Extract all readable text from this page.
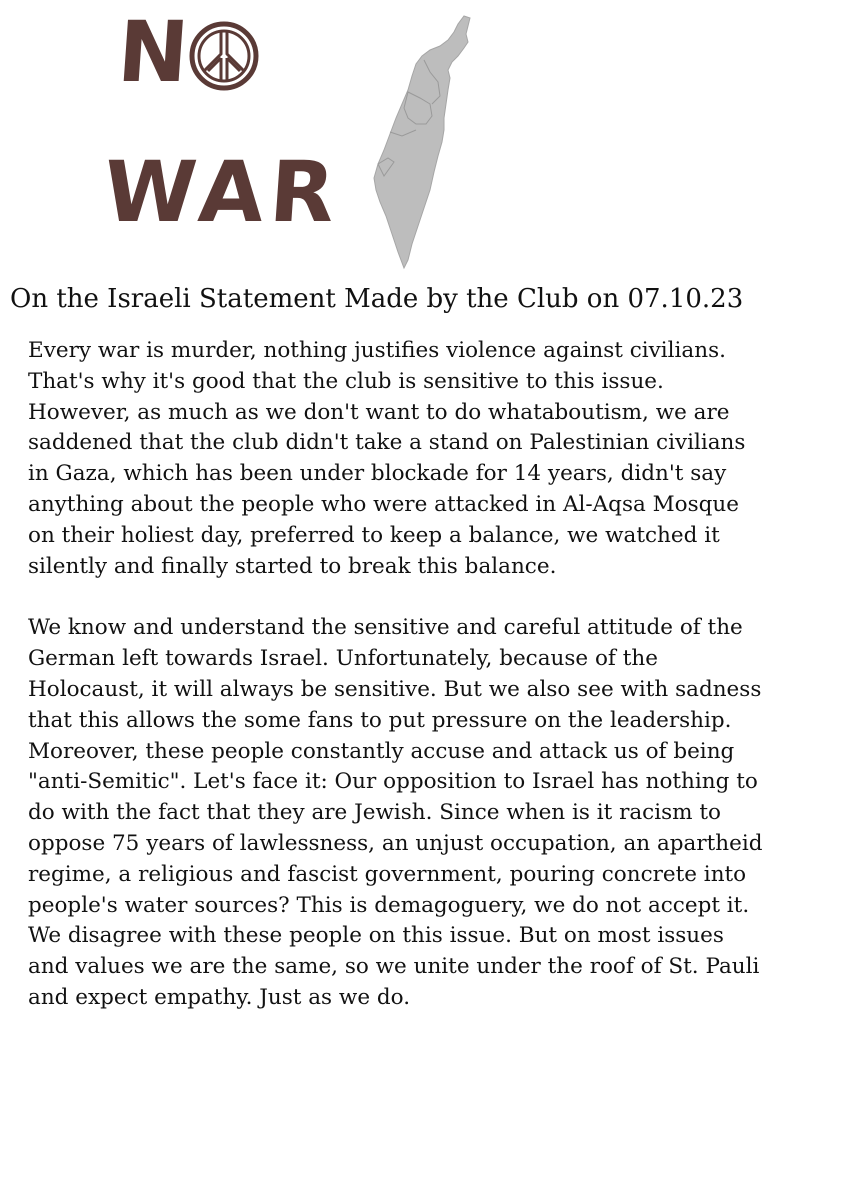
N
WAR
On the Israeli Statement Made by the Club on 07.10.23

Every war is murder, nothing justifies violence against civilians.
That's why it's good that the club is sensitive to this issue.
However, as much as we don't want to do whataboutism, we are
saddened that the club didn't take a stand on Palestinian civilians
in Gaza, which has been under blockade for 14 years, didn't say
anything about the people who were attacked in Al-Aqsa Mosque
on their holiest day, preferred to keep a balance, we watched it
silently and finally started to break this balance.

We know and understand the sensitive and careful attitude of the
German left towards Israel. Unfortunately, because of the
Holocaust, it will always be sensitive. But we also see with sadness
that this allows the some fans to put pressure on the leadership.
Moreover, these people constantly accuse and attack us of being
"anti-Semitic". Let's face it: Our opposition to Israel has nothing to
do with the fact that they are Jewish. Since when is it racism to
oppose 75 years of lawlessness, an unjust occupation, an apartheid
regime, a religious and fascist government, pouring concrete into
people's water sources? This is demagoguery, we do not accept it.
We disagree with these people on this issue. But on most issues
and values we are the same, so we unite under the roof of St. Pauli
and expect empathy. Just as we do.
